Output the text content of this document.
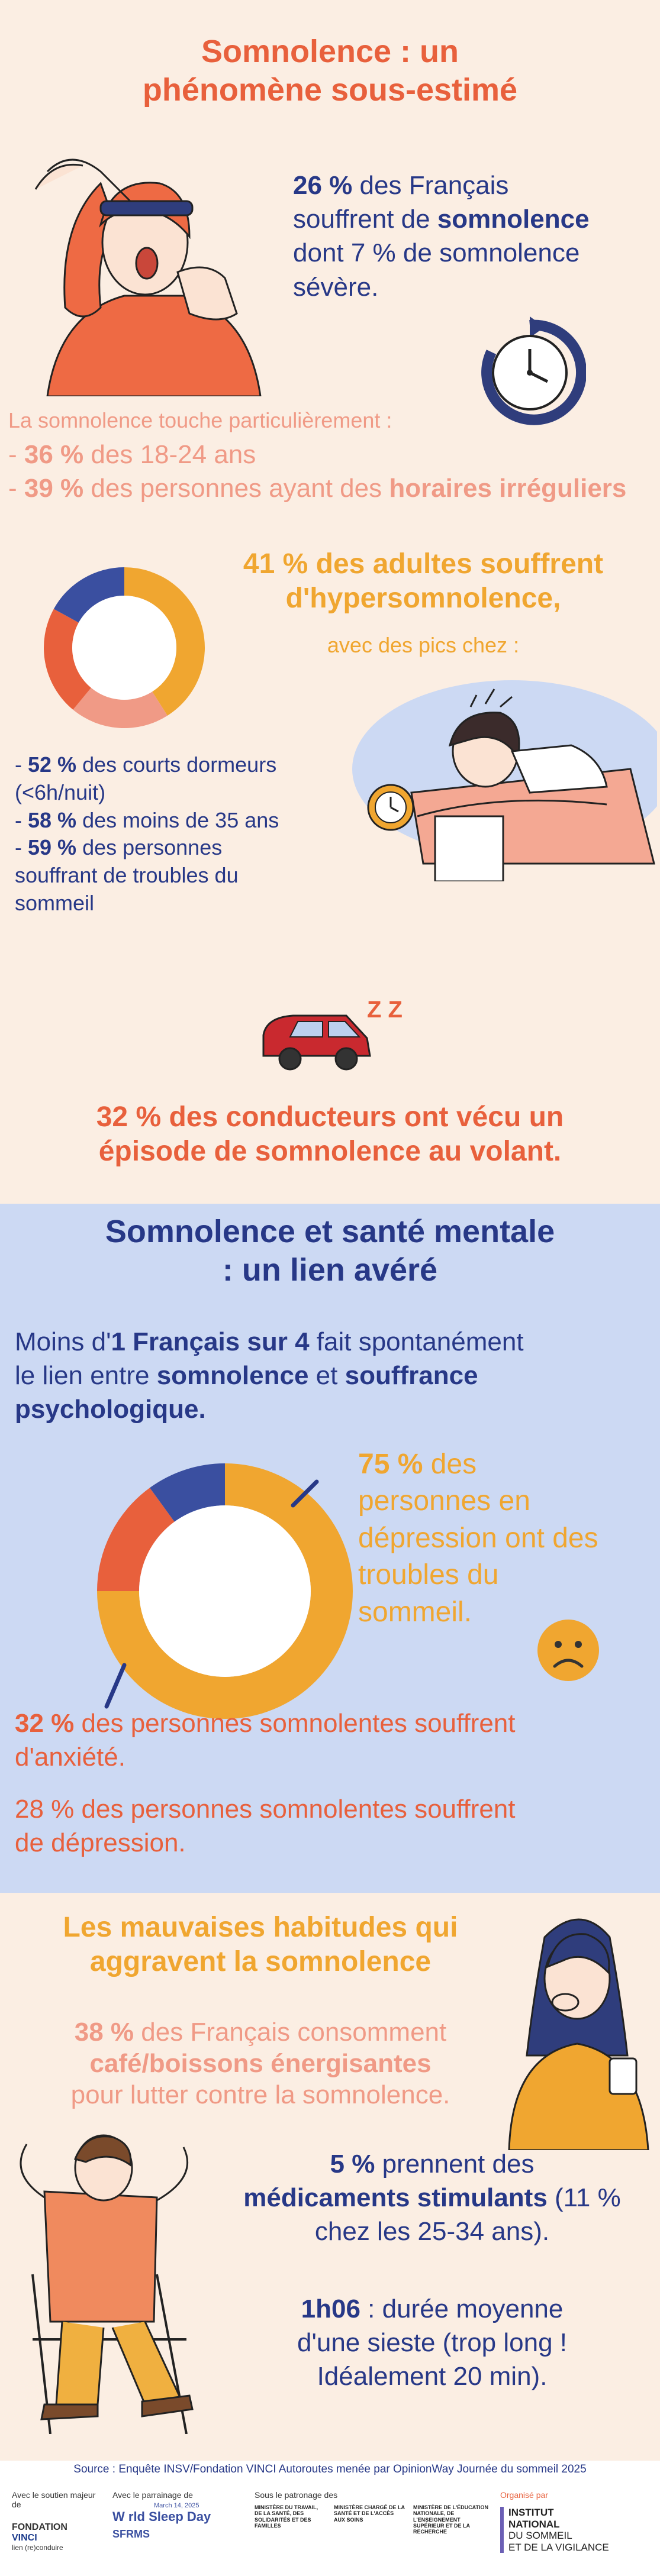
Somnolence : un
phénomène sous-estimé
26 % des Français
souffrent de somnolence
dont 7 % de somnolence
sévère.
La somnolence touche particulièrement :
- 36 % des 18-24 ans
- 39 % des personnes ayant des horaires irréguliers
41 % des adultes souffrent
d'hypersomnolence,
avec des pics chez :
- 52 % des courts dormeurs
(<6h/nuit)
- 58 % des moins de 35 ans
- 59 % des personnes
souffrant de troubles du
sommeil
Z Z
32 % des conducteurs ont vécu un
épisode de somnolence au volant.
Somnolence et santé mentale
: un lien avéré
Moins d'1 Français sur 4 fait spontanément
le lien entre somnolence et souffrance
psychologique.
75 % des
personnes en
dépression ont des
troubles du
sommeil.
32 % des personnes somnolentes souffrent
d'anxiété.
28 % des personnes somnolentes souffrent
de dépression.
Les mauvaises habitudes qui
aggravent la somnolence
38 % des Français consomment
café/boissons énergisantes
pour lutter contre la somnolence.
5 % prennent des
médicaments stimulants (11 %
chez les 25-34 ans).
1h06 : durée moyenne
d'une sieste (trop long !
Idéalement 20 min).
Source : Enquête INSV/Fondation VINCI Autoroutes menée par OpinionWay Journée du sommeil 2025
Avec le soutien majeur de
FONDATION
VINCI
lien (re)conduire
Avec le parrainage de
March 14, 2025
W rld Sleep Day
SFRMS
Sous le patronage des
MINISTÈRE DU TRAVAIL, DE LA SANTÉ, DES SOLIDARITÉS ET DES FAMILLES
MINISTÈRE CHARGÉ DE LA SANTÉ ET DE L'ACCÈS AUX SOINS
MINISTÈRE DE L'ÉDUCATION NATIONALE, DE L'ENSEIGNEMENT SUPÉRIEUR ET DE LA RECHERCHE
Organisé par
INSTITUT
NATIONAL
DU SOMMEIL
ET DE LA VIGILANCE
